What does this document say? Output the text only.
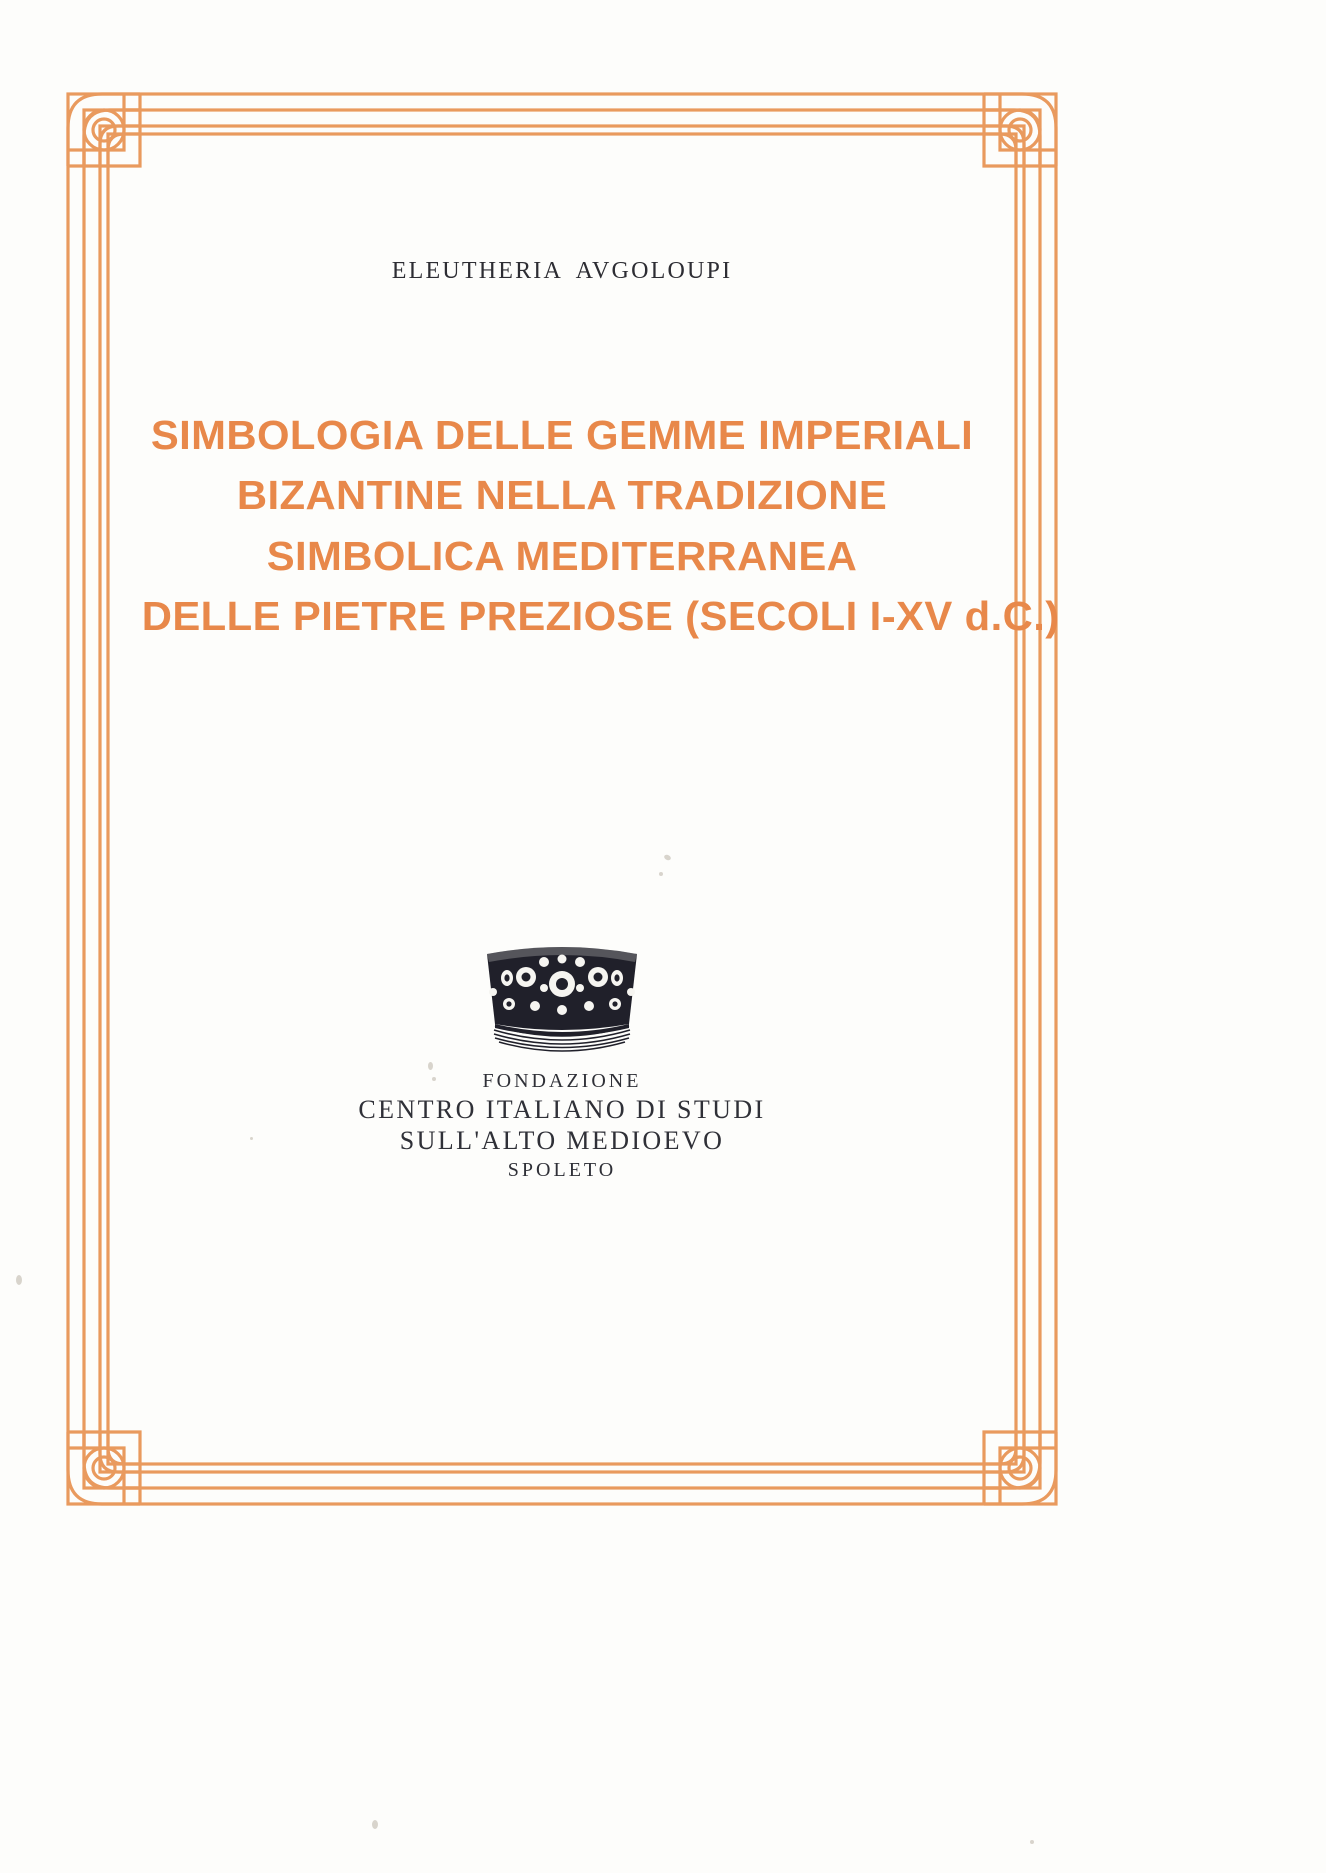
ELEUTHERIA AVGOLOUPI
SIMBOLOGIA DELLE GEMME IMPERIALI
BIZANTINE NELLA TRADIZIONE
SIMBOLICA MEDITERRANEA
DELLE PIETRE PREZIOSE (SECOLI I-XV d.C.)
FONDAZIONE
CENTRO ITALIANO DI STUDI
SULL'ALTO MEDIOEVO
SPOLETO
